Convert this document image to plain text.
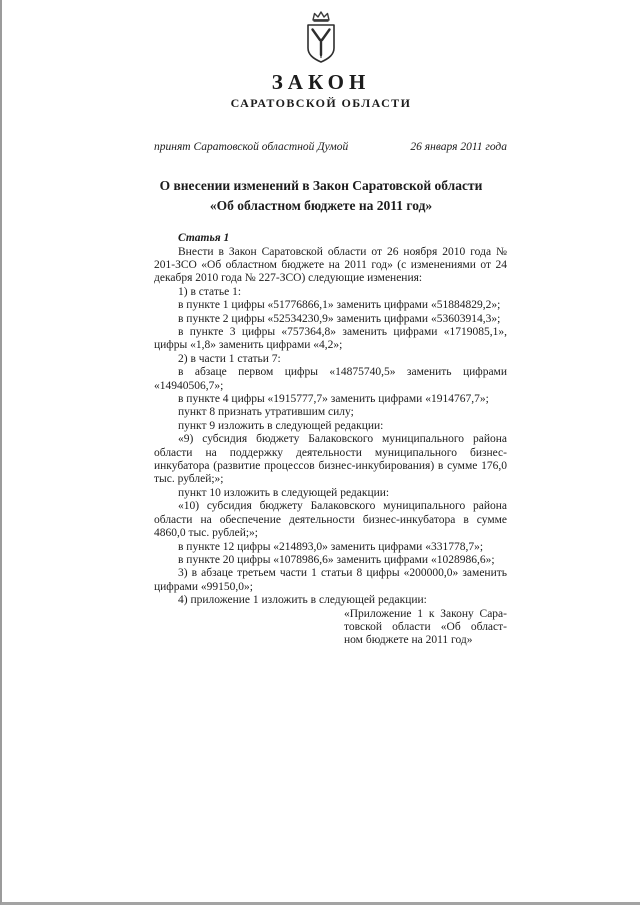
ЗАКОН
САРАТОВСКОЙ ОБЛАСТИ
принят Саратовской областной Думой	26 января 2011 года
О внесении изменений в Закон Саратовской области
«Об областном бюджете на 2011 год»

Статья 1

Внести в Закон Саратовской области от 26 ноября 2010 года № 201-ЗСО «Об областном бюджете на 2011 год» (с изменениями от 24 декабря 2010 года № 227-ЗСО) следующие изменения:

1) в статье 1:

в пункте 1 цифры «51776866,1» заменить цифрами «51884829,2»;

в пункте 2 цифры «52534230,9» заменить цифрами «53603914,3»;

в пункте 3 цифры «757364,8» заменить цифрами «1719085,1», цифры «1,8» заменить цифрами «4,2»;

2) в части 1 статьи 7:

в абзаце первом цифры «14875740,5» заменить цифрами «14940506,7»;

в пункте 4 цифры «1915777,7» заменить цифрами «1914767,7»;

пункт 8 признать утратившим силу;

пункт 9 изложить в следующей редакции:

«9) субсидия бюджету Балаковского муниципального района области на поддержку деятельности муниципального бизнес-инкубатора (развитие процессов бизнес-инкубирования) в сумме 176,0 тыс. рублей;»;

пункт 10 изложить в следующей редакции:

«10) субсидия бюджету Балаковского муниципального района области на обеспечение деятельности бизнес-инкубатора в сумме 4860,0 тыс. рублей;»;

в пункте 12 цифры «214893,0» заменить цифрами «331778,7»;

в пункте 20 цифры «1078986,6» заменить цифрами «1028986,6»;

3) в абзаце третьем части 1 статьи 8 цифры «200000,0» заменить цифрами «99150,0»;

4) приложение 1 изложить в следующей редакции:

«Приложение 1 к Закону Сара-
товской области «Об област-
ном бюджете на 2011 год»
